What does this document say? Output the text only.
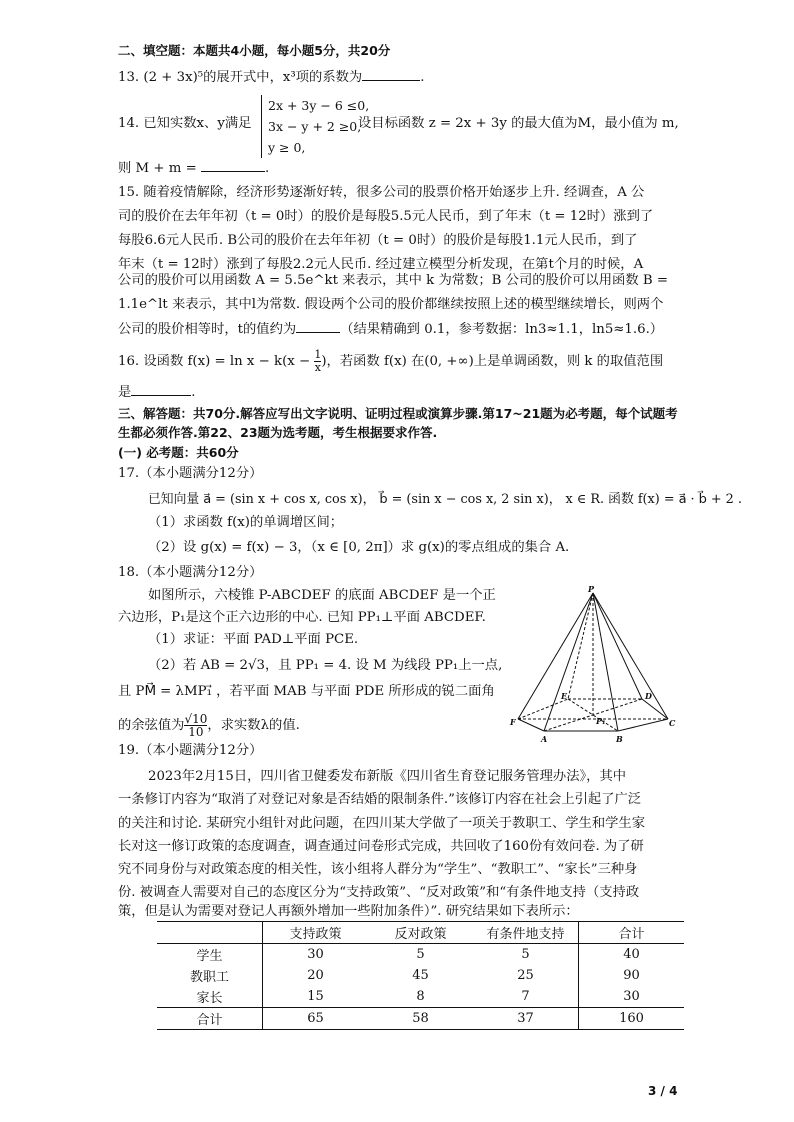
二、填空题：本题共4小题，每小题5分，共20分
13. (2 + 3x)⁵的展开式中，x³项的系数为	.
14. 已知实数x、y满足
2x + 3y − 6 ≤0,
3x − y + 2 ≥0,
y ≥ 0,
设目标函数 z = 2x + 3y 的最大值为M，最小值为 m,
则 M + m =	.
15. 随着疫情解除，经济形势逐渐好转，很多公司的股票价格开始逐步上升. 经调查，A 公
司的股价在去年年初（t = 0时）的股价是每股5.5元人民币，到了年末（t = 12时）涨到了
每股6.6元人民币. B公司的股价在去年年初（t = 0时）的股价是每股1.1元人民币，到了
年末（t = 12时）涨到了每股2.2元人民币. 经过建立模型分析发现，在第t个月的时候，A
公司的股价可以用函数 A = 5.5e^kt 来表示，其中 k 为常数；B 公司的股价可以用函数 B =
1.1e^lt 来表示，其中l为常数. 假设两个公司的股价都继续按照上述的模型继续增长，则两个
公司的股价相等时，t的值约为	（结果精确到 0.1，参考数据：ln3≈1.1，ln5≈1.6.）
16. 设函数 $f(x) = \ln x - k(x - \frac{1}{x}$ )，若函数 f(x) 在(0, +∞)上是单调函数，则 k 的取值范围
是	.
三、解答题：共70分.解答应写出文字说明、证明过程或演算步骤.第17~21题为必考题，每个试题考
生都必须作答.第22、23题为选考题，考生根据要求作答.
(一) 必考题：共60分
17.（本小题满分12分）
已知向量 a⃗ = (sin x + cos x, cos x)， b⃗ = (sin x − cos x, 2 sin x)， x ∈ R. 函数 f(x) = a⃗ · b⃗ + 2 .
（1）求函数 f(x)的单调增区间；
（2）设 g(x) = f(x) − 3，（x ∈ [0, 2π]）求 g(x)的零点组成的集合 A.
18.（本小题满分12分）
如图所示，六棱锥 P-ABCDEF 的底面 ABCDEF 是一个正
六边形，P₁是这个正六边形的中心. 已知 PP₁⊥平面 ABCDEF.
（1）求证：平面 PAD⊥平面 PCE.
（2）若 AB = 2√3，且 PP₁ = 4. 设 M 为线段 PP₁上一点,
且 PM⃗ = λMP₁⃗ ，若平面 MAB 与平面 PDE 所形成的锐二面角
的余弦值为 $\frac{√10}{10}$ ，求实数λ的值.
P
E	D
F	C
P₁
A	B
19.（本小题满分12分）
2023年2月15日，四川省卫健委发布新版《四川省生育登记服务管理办法》，其中
一条修订内容为“取消了对登记对象是否结婚的限制条件.”该修订内容在社会上引起了广泛
的关注和讨论. 某研究小组针对此问题，在四川某大学做了一项关于教职工、学生和学生家
长对这一修订政策的态度调查，调查通过问卷形式完成，共回收了160份有效问卷. 为了研
究不同身份与对政策态度的相关性，该小组将人群分为“学生”、“教职工”、“家长”三种身
份. 被调查人需要对自己的态度区分为“支持政策”、“反对政策”和“有条件地支持（支持政
策，但是认为需要对登记人再额外增加一些附加条件）”. 研究结果如下表所示：
	支持政策	反对政策	有条件地支持	合计
学生	30	5	5	40
教职工	20	45	25	90
家长	15	8	7	30
合计	65	58	37	160
3 / 4
